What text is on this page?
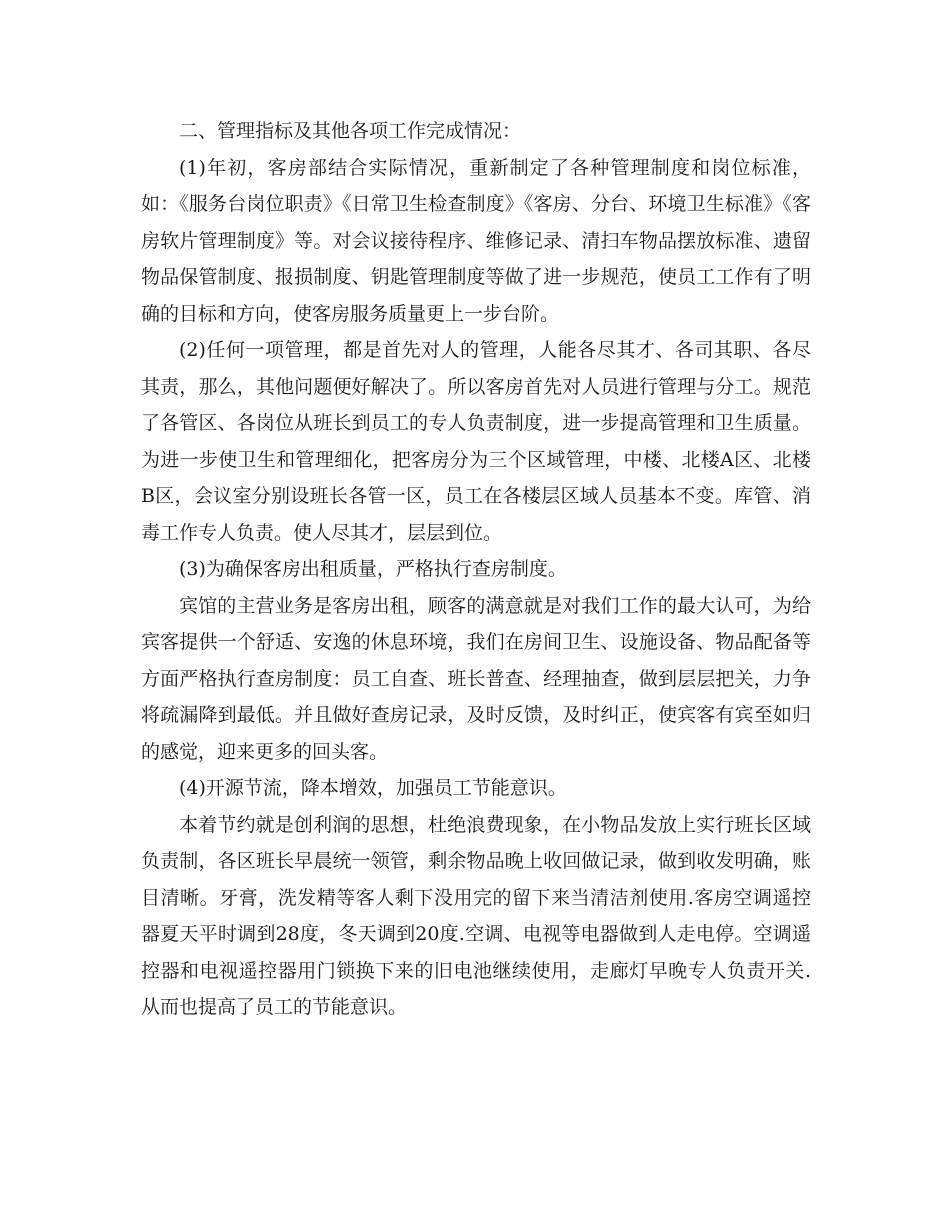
二、管理指标及其他各项工作完成情况：

(1)年初，客房部结合实际情况，重新制定了各种管理制度和岗位标准，如：《服务台岗位职责》《日常卫生检查制度》《客房、分台、环境卫生标准》《客房软片管理制度》等。对会议接待程序、维修记录、清扫车物品摆放标准、遗留物品保管制度、报损制度、钥匙管理制度等做了进一步规范，使员工工作有了明确的目标和方向，使客房服务质量更上一步台阶。

(2)任何一项管理，都是首先对人的管理，人能各尽其才、各司其职、各尽其责，那么，其他问题便好解决了。所以客房首先对人员进行管理与分工。规范了各管区、各岗位从班长到员工的专人负责制度，进一步提高管理和卫生质量。为进一步使卫生和管理细化，把客房分为三个区域管理，中楼、北楼A区、北楼B区，会议室分别设班长各管一区，员工在各楼层区域人员基本不变。库管、消毒工作专人负责。使人尽其才，层层到位。

(3)为确保客房出租质量，严格执行查房制度。

宾馆的主营业务是客房出租，顾客的满意就是对我们工作的最大认可，为给宾客提供一个舒适、安逸的休息环境，我们在房间卫生、设施设备、物品配备等方面严格执行查房制度：员工自查、班长普查、经理抽查，做到层层把关，力争将疏漏降到最低。并且做好查房记录，及时反馈，及时纠正，使宾客有宾至如归的感觉，迎来更多的回头客。

(4)开源节流，降本增效，加强员工节能意识。

本着节约就是创利润的思想，杜绝浪费现象，在小物品发放上实行班长区域负责制，各区班长早晨统一领管，剩余物品晚上收回做记录，做到收发明确，账目清晰。牙膏，洗发精等客人剩下没用完的留下来当清洁剂使用.客房空调遥控器夏天平时调到28度，冬天调到20度.空调、电视等电器做到人走电停。空调遥控器和电视遥控器用门锁换下来的旧电池继续使用，走廊灯早晚专人负责开关.从而也提高了员工的节能意识。
